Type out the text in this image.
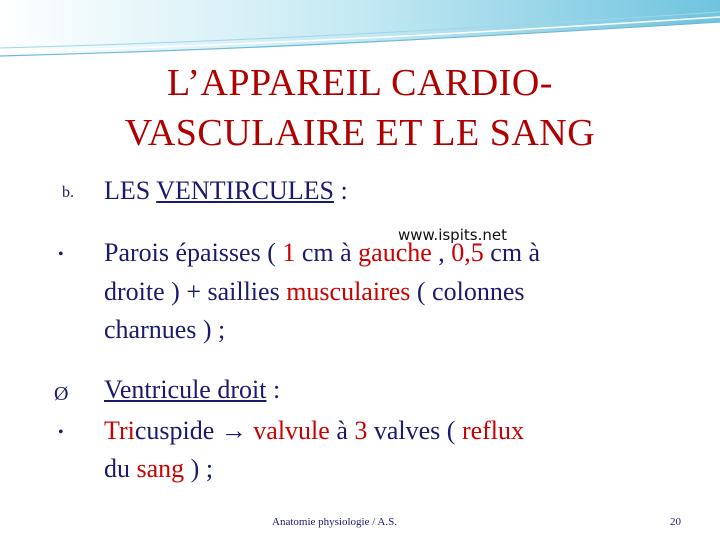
L’APPAREIL CARDIO-
VASCULAIRE ET LE SANG
b. LES VENTIRCULES :
www.ispits.net
• Parois épaisses ( 1 cm à gauche , 0,5 cm à
droite ) + saillies musculaires ( colonnes
charnues ) ;
Ø Ventricule droit :
• Tricuspide → valvule à 3 valves ( reflux
du sang ) ;
Anatomie physiologie / A.S.	20
